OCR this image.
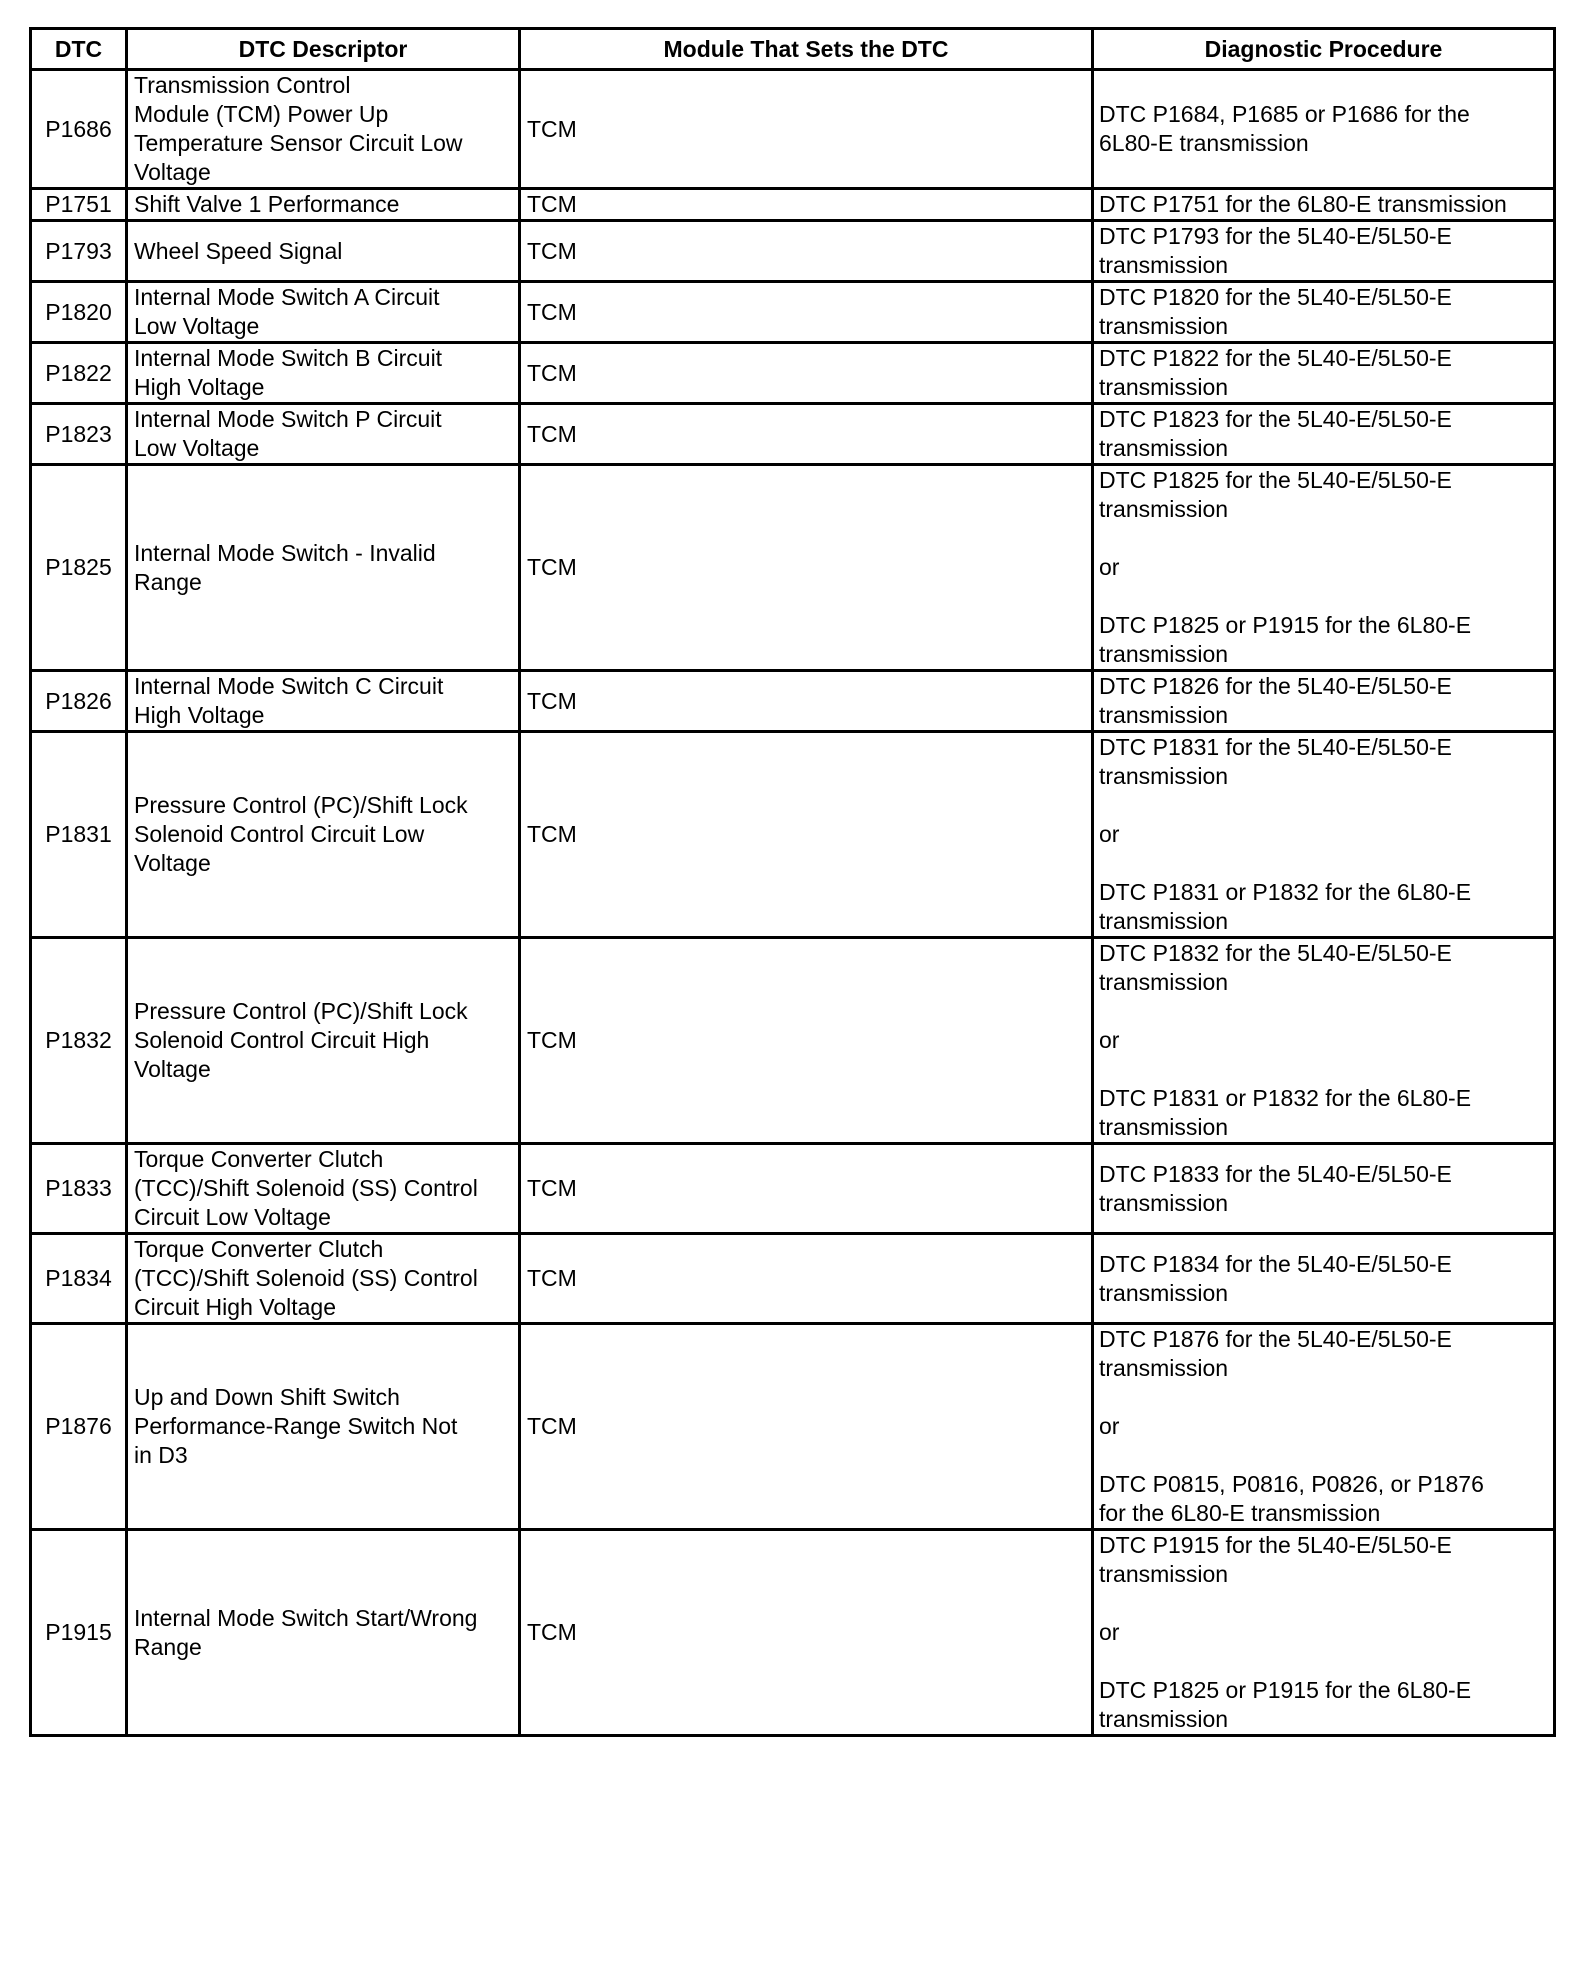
DTC	DTC Descriptor	Module That Sets the DTC	Diagnostic Procedure

P1686	Transmission Control
Module (TCM) Power Up
Temperature Sensor Circuit Low
Voltage	TCM	DTC P1684, P1685 or P1686 for the
6L80-E transmission

P1751	Shift Valve 1 Performance	TCM	DTC P1751 for the 6L80-E transmission

P1793	Wheel Speed Signal	TCM	DTC P1793 for the 5L40-E/5L50-E
transmission

P1820	Internal Mode Switch A Circuit
Low Voltage	TCM	DTC P1820 for the 5L40-E/5L50-E
transmission

P1822	Internal Mode Switch B Circuit
High Voltage	TCM	DTC P1822 for the 5L40-E/5L50-E
transmission

P1823	Internal Mode Switch P Circuit
Low Voltage	TCM	DTC P1823 for the 5L40-E/5L50-E
transmission

P1825	Internal Mode Switch - Invalid
Range	TCM	DTC P1825 for the 5L40-E/5L50-E
transmission

or

DTC P1825 or P1915 for the 6L80-E
transmission

P1826	Internal Mode Switch C Circuit
High Voltage	TCM	DTC P1826 for the 5L40-E/5L50-E
transmission

P1831	Pressure Control (PC)/Shift Lock
Solenoid Control Circuit Low
Voltage	TCM	DTC P1831 for the 5L40-E/5L50-E
transmission

or

DTC P1831 or P1832 for the 6L80-E
transmission

P1832	Pressure Control (PC)/Shift Lock
Solenoid Control Circuit High
Voltage	TCM	DTC P1832 for the 5L40-E/5L50-E
transmission

or

DTC P1831 or P1832 for the 6L80-E
transmission

P1833	Torque Converter Clutch
(TCC)/Shift Solenoid (SS) Control
Circuit Low Voltage	TCM	DTC P1833 for the 5L40-E/5L50-E
transmission

P1834	Torque Converter Clutch
(TCC)/Shift Solenoid (SS) Control
Circuit High Voltage	TCM	DTC P1834 for the 5L40-E/5L50-E
transmission

P1876	Up and Down Shift Switch
Performance-Range Switch Not
in D3	TCM	DTC P1876 for the 5L40-E/5L50-E
transmission

or

DTC P0815, P0816, P0826, or P1876
for the 6L80-E transmission

P1915	Internal Mode Switch Start/Wrong
Range	TCM	DTC P1915 for the 5L40-E/5L50-E
transmission

or

DTC P1825 or P1915 for the 6L80-E
transmission
